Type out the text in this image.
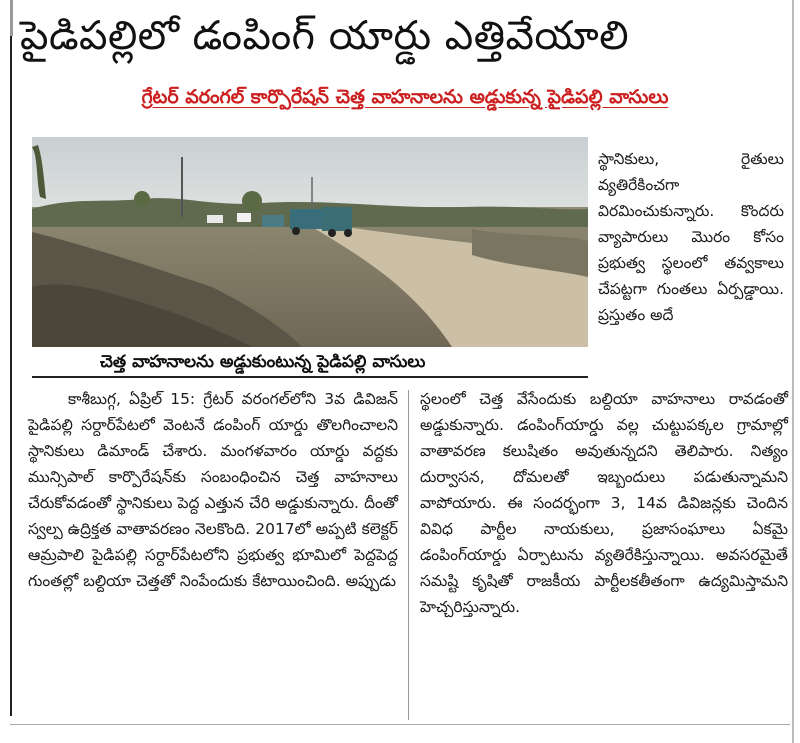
పైడిపల్లిలో డంపింగ్ యార్డు ఎత్తివేయాలి
గ్రేటర్ వరంగల్ కార్పొరేషన్ చెత్త వాహనాలను అడ్డుకున్న పైడిపల్లి వాసులు
చెత్త వాహనాలను అడ్డుకుంటున్న పైడిపల్లి వాసులు

స్థానికులు, రైతులు వ్యతిరేకించగా విరమించుకున్నారు. కొందరు వ్యాపారులు మొరం కోసం ప్రభుత్వ స్థలంలో తవ్వకాలు చేపట్టగా గుంతలు ఏర్పడ్డాయి. ప్రస్తుతం అదే

కాశీబుగ్గ, ఏప్రిల్ 15: గ్రేటర్ వరంగల్‌లోని 3వ డివిజన్ పైడిపల్లి సర్దార్‌పేటలో వెంటనే డంపింగ్ యార్డు తొలగించాలని స్థానికులు డిమాండ్ చేశారు. మంగళవారం యార్డు వద్దకు మున్సిపాల్ కార్పొరేషన్‌కు సంబంధించిన చెత్త వాహనాలు చేరుకోవడంతో స్థానికులు పెద్ద ఎత్తున చేరి అడ్డుకున్నారు. దీంతో స్వల్ప ఉద్రిక్తత వాతావరణం నెలకొంది. 2017లో అప్పటి కలెక్టర్ ఆమ్రపాలి పైడిపల్లి సర్దార్‌పేటలోని ప్రభుత్వ భూమిలో పెద్దపెద్ద గుంతల్లో బల్దియా చెత్తతో నింపేందుకు కేటాయించింది. అప్పుడు

స్థలంలో చెత్త వేసేందుకు బల్దియా వాహనాలు రావడంతో అడ్డుకున్నారు. డంపింగ్‌యార్డు వల్ల చుట్టుపక్కల గ్రామాల్లో వాతావరణ కలుషితం అవుతున్నదని తెలిపారు. నిత్యం దుర్వాసన, దోమలతో ఇబ్బందులు పడుతున్నామని వాపోయారు. ఈ సందర్భంగా 3, 14వ డివిజన్లకు చెందిన వివిధ పార్టీల నాయకులు, ప్రజాసంఘాలు ఏకమై డంపింగ్‌యార్డు ఏర్పాటును వ్యతిరేకిస్తున్నాయి. అవసరమైతే సమష్టి కృషితో రాజకీయ పార్టీలకతీతంగా ఉద్యమిస్తామని హెచ్చరిస్తున్నారు.
